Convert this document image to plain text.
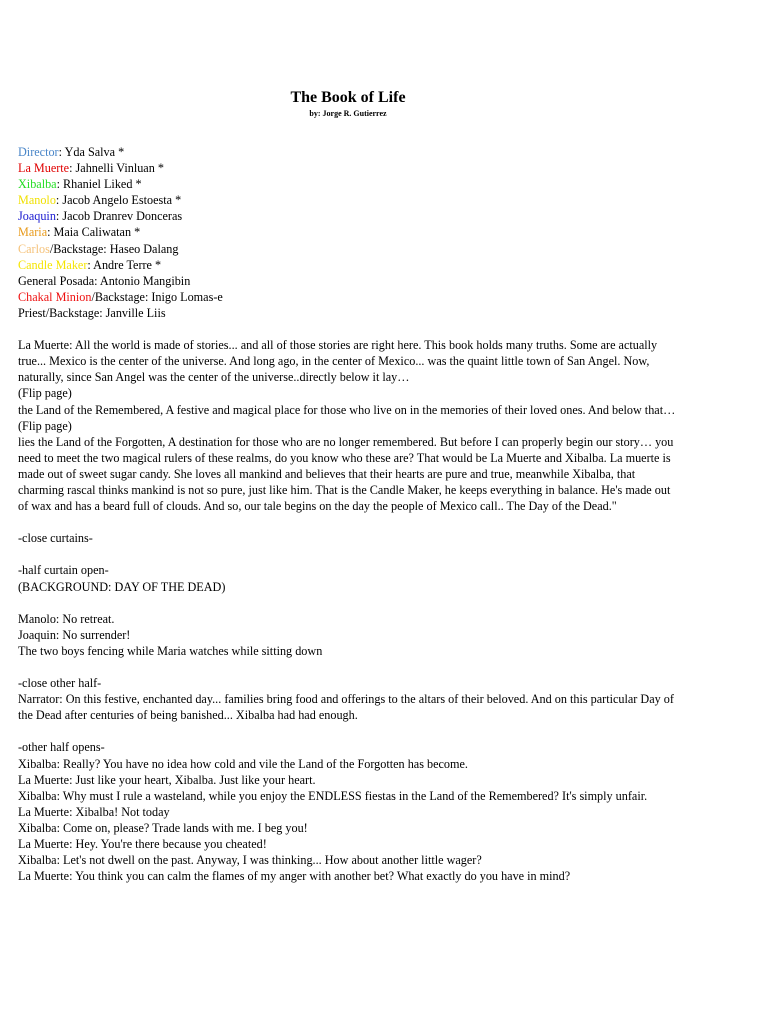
The Book of Life
by: Jorge R. Gutierrez
Director: Yda Salva *
La Muerte: Jahnelli Vinluan *
Xibalba: Rhaniel Liked *
Manolo: Jacob Angelo Estoesta *
Joaquin: Jacob Dranrev Donceras
Maria: Maia Caliwatan *
Carlos/Backstage: Haseo Dalang
Candle Maker: Andre Terre *
General Posada: Antonio Mangibin
Chakal Minion/Backstage: Inigo Lomas-e
Priest/Backstage: Janville Liis

La Muerte: All the world is made of stories... and all of those stories are right here. This book holds many truths. Some are actually true... Mexico is the center of the universe. And long ago, in the center of Mexico... was the quaint little town of San Angel. Now, naturally, since San Angel was the center of the universe..directly below it lay…

(Flip page)

the Land of the Remembered, A festive and magical place for those who live on in the memories of their loved ones. And below that…

(Flip page)

lies the Land of the Forgotten, A destination for those who are no longer remembered. But before I can properly begin our story… you need to meet the two magical rulers of these realms, do you know who these are? That would be La Muerte and Xibalba. La muerte is made out of sweet sugar candy. She loves all mankind and believes that their hearts are pure and true, meanwhile Xibalba, that charming rascal thinks mankind is not so pure, just like him. That is the Candle Maker, he keeps everything in balance. He's made out of wax and has a beard full of clouds. And so, our tale begins on the day the people of Mexico call.. The Day of the Dead."

-close curtains-
-half curtain open-
(BACKGROUND: DAY OF THE DEAD)
Manolo: No retreat.
Joaquin: No surrender!
The two boys fencing while Maria watches while sitting down
-close other half-

Narrator: On this festive, enchanted day... families bring food and offerings to the altars of their beloved. And on this particular Day of the Dead after centuries of being banished... Xibalba had had enough.

-other half opens-

Xibalba: Really? You have no idea how cold and vile the Land of the Forgotten has become.

La Muerte: Just like your heart, Xibalba. Just like your heart.

Xibalba: Why must I rule a wasteland, while you enjoy the ENDLESS fiestas in the Land of the Remembered? It's simply unfair.

La Muerte: Xibalba! Not today

Xibalba: Come on, please? Trade lands with me. I beg you!

La Muerte: Hey. You're there because you cheated!

Xibalba: Let's not dwell on the past. Anyway, I was thinking... How about another little wager?

La Muerte: You think you can calm the flames of my anger with another bet? What exactly do you have in mind?
